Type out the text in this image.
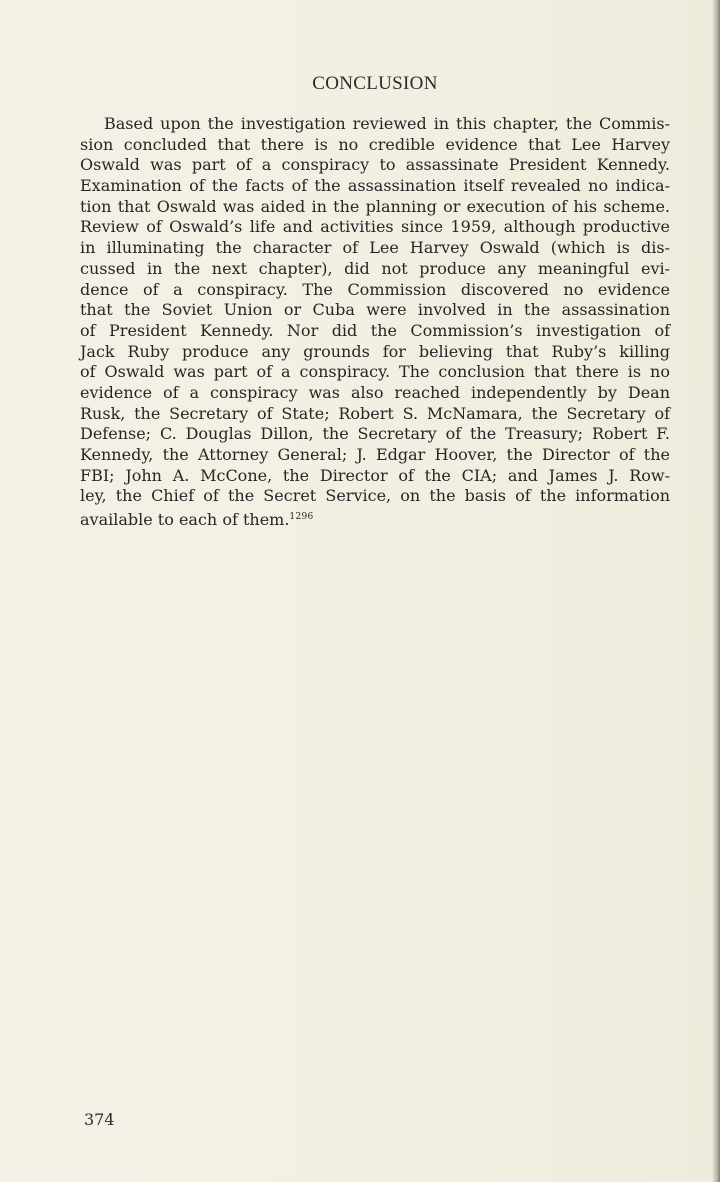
CONCLUSION
Based upon the investigation reviewed in this chapter, the Commis-
sion concluded that there is no credible evidence that Lee Harvey
Oswald was part of a conspiracy to assassinate President Kennedy.
Examination of the facts of the assassination itself revealed no indica-
tion that Oswald was aided in the planning or execution of his scheme.
Review of Oswald’s life and activities since 1959, although productive
in illuminating the character of Lee Harvey Oswald (which is dis-
cussed in the next chapter), did not produce any meaningful evi-
dence of a conspiracy. The Commission discovered no evidence
that the Soviet Union or Cuba were involved in the assassination
of President Kennedy. Nor did the Commission’s investigation of
Jack Ruby produce any grounds for believing that Ruby’s killing
of Oswald was part of a conspiracy. The conclusion that there is no
evidence of a conspiracy was also reached independently by Dean
Rusk, the Secretary of State; Robert S. McNamara, the Secretary of
Defense; C. Douglas Dillon, the Secretary of the Treasury; Robert F.
Kennedy, the Attorney General; J. Edgar Hoover, the Director of the
FBI; John A. McCone, the Director of the CIA; and James J. Row-
ley, the Chief of the Secret Service, on the basis of the information
available to each of them.$^{1296}$
374
